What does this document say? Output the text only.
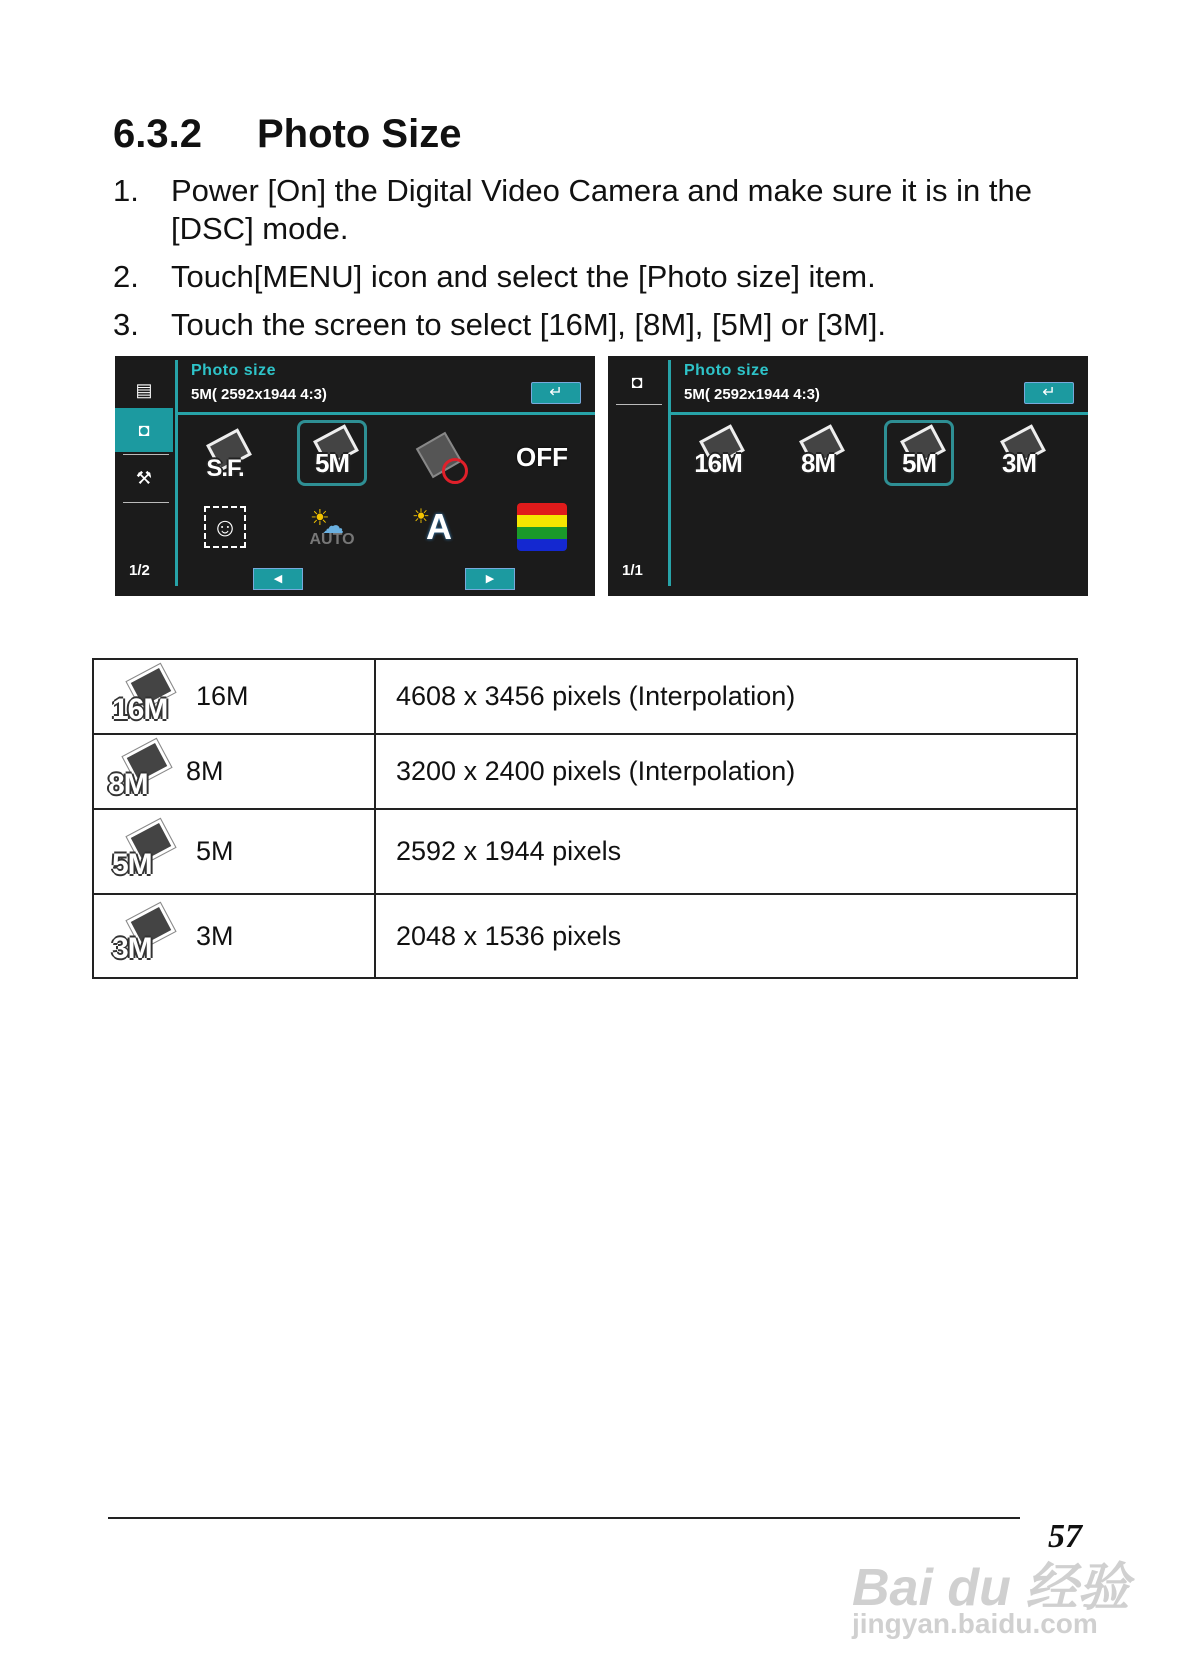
6.3.2 Photo Size
1.	Power [On] the Digital Video Camera and make sure it is in the [DSC] mode.
2.	Touch[MENU] icon and select the [Photo size] item.
3.	Touch the screen to select [16M], [8M], [5M] or [3M].
▤
◘
⚒
1/2
Photo size
5M( 2592x1944 4:3)	↵
S.F.	5M	OFF
☺	☀
☁
AUTO
☀
A
◀	▶
◘
1/1
Photo size
5M( 2592x1944 4:3)	↵
16M	8M	5M	3M
16M 16M	4608 x 3456 pixels (Interpolation)

8M 8M	3200 x 2400 pixels (Interpolation)

5M 5M	2592 x 1944 pixels

3M 3M	2048 x 1536 pixels
57
Bai du 经验
jingyan.baidu.com
